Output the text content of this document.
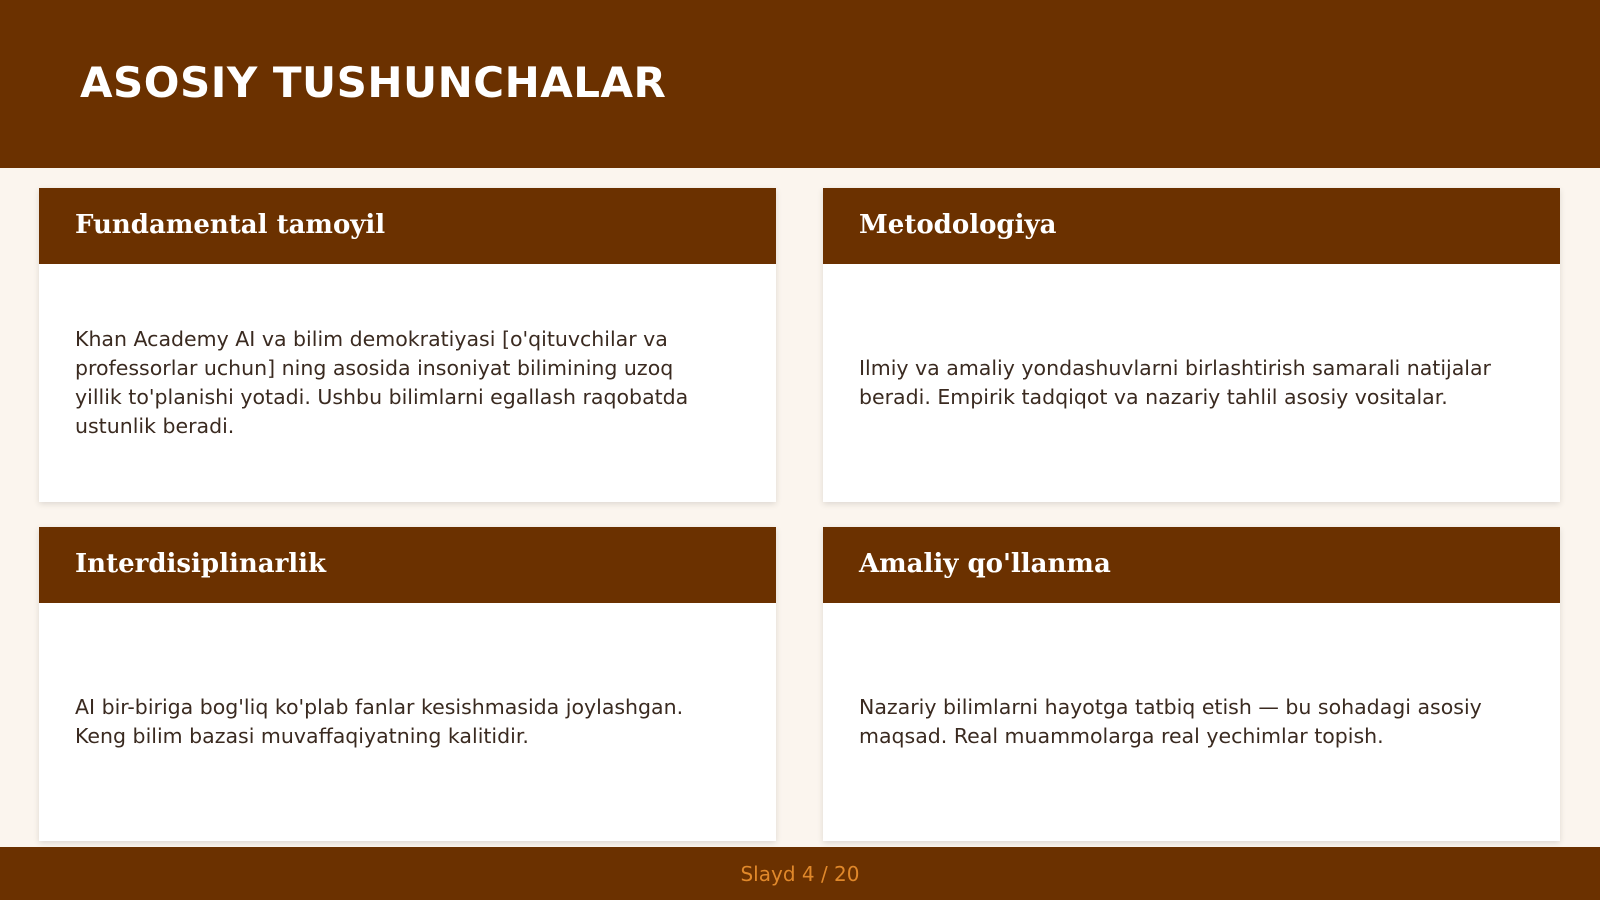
ASOSIY TUSHUNCHALAR
Fundamental tamoyil

Khan Academy AI va bilim demokratiyasi [o'qituvchilar va professorlar uchun] ning asosida insoniyat bilimining uzoq yillik to'planishi yotadi. Ushbu bilimlarni egallash raqobatda ustunlik beradi.

Metodologiya

Ilmiy va amaliy yondashuvlarni birlashtirish samarali natijalar beradi. Empirik tadqiqot va nazariy tahlil asosiy vositalar.

Interdisiplinarlik

AI bir-biriga bog'liq ko'plab fanlar kesishmasida joylashgan. Keng bilim bazasi muvaffaqiyatning kalitidir.

Amaliy qo'llanma

Nazariy bilimlarni hayotga tatbiq etish — bu sohadagi asosiy maqsad. Real muammolarga real yechimlar topish.

Slayd 4 / 20
